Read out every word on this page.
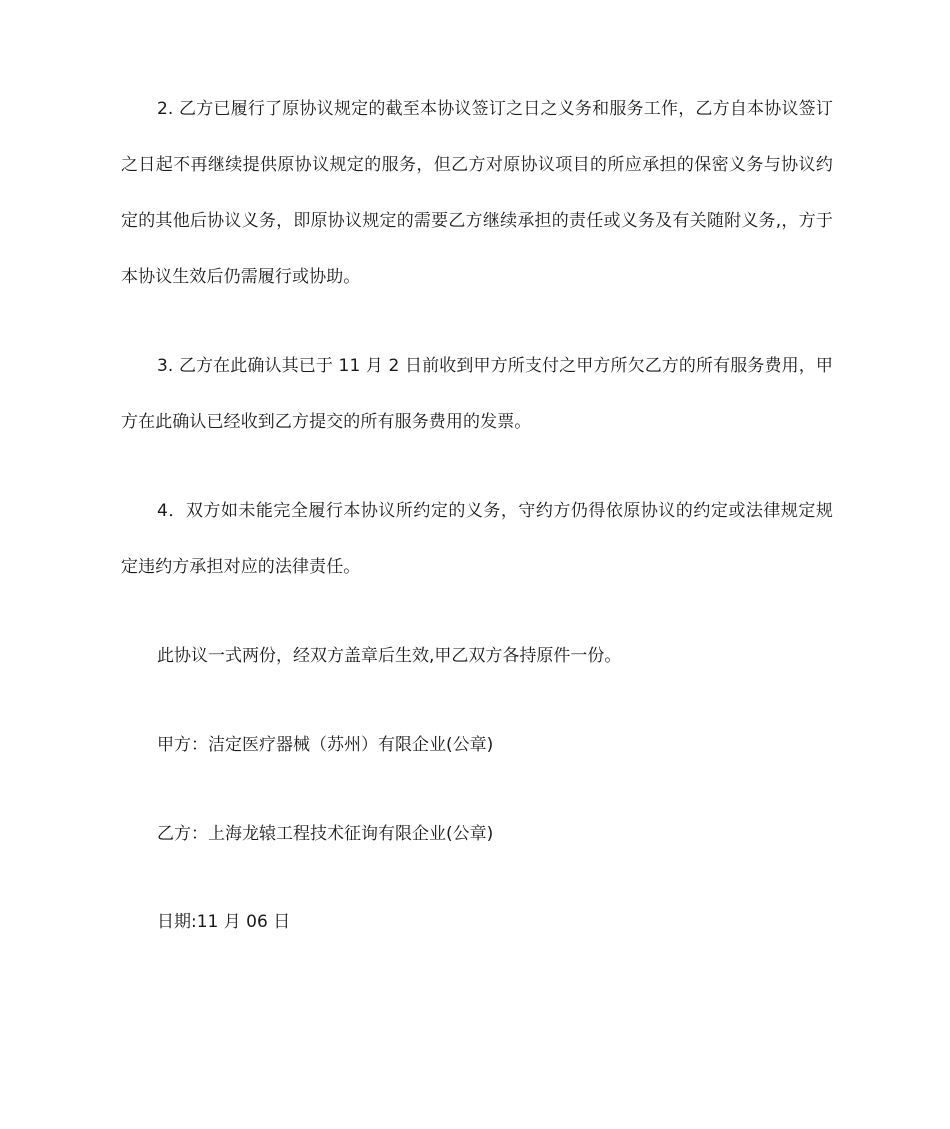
2. 乙方已履行了原协议规定的截至本协议签订之日之义务和服务工作，乙方自本协议签订之日起不再继续提供原协议规定的服务，但乙方对原协议项目的所应承担的保密义务与协议约定的其他后协议义务，即原协议规定的需要乙方继续承担的责任或义务及有关随附义务,，方于本协议生效后仍需履行或协助。

3. 乙方在此确认其已于 11 月 2 日前收到甲方所支付之甲方所欠乙方的所有服务费用，甲方在此确认已经收到乙方提交的所有服务费用的发票。

4．双方如未能完全履行本协议所约定的义务，守约方仍得依原协议的约定或法律规定规定违约方承担对应的法律责任。

此协议一式两份，经双方盖章后生效,甲乙双方各持原件一份。

甲方：洁定医疗器械（苏州）有限企业(公章)

乙方：上海龙辕工程技术征询有限企业(公章)

日期:11 月 06 日
